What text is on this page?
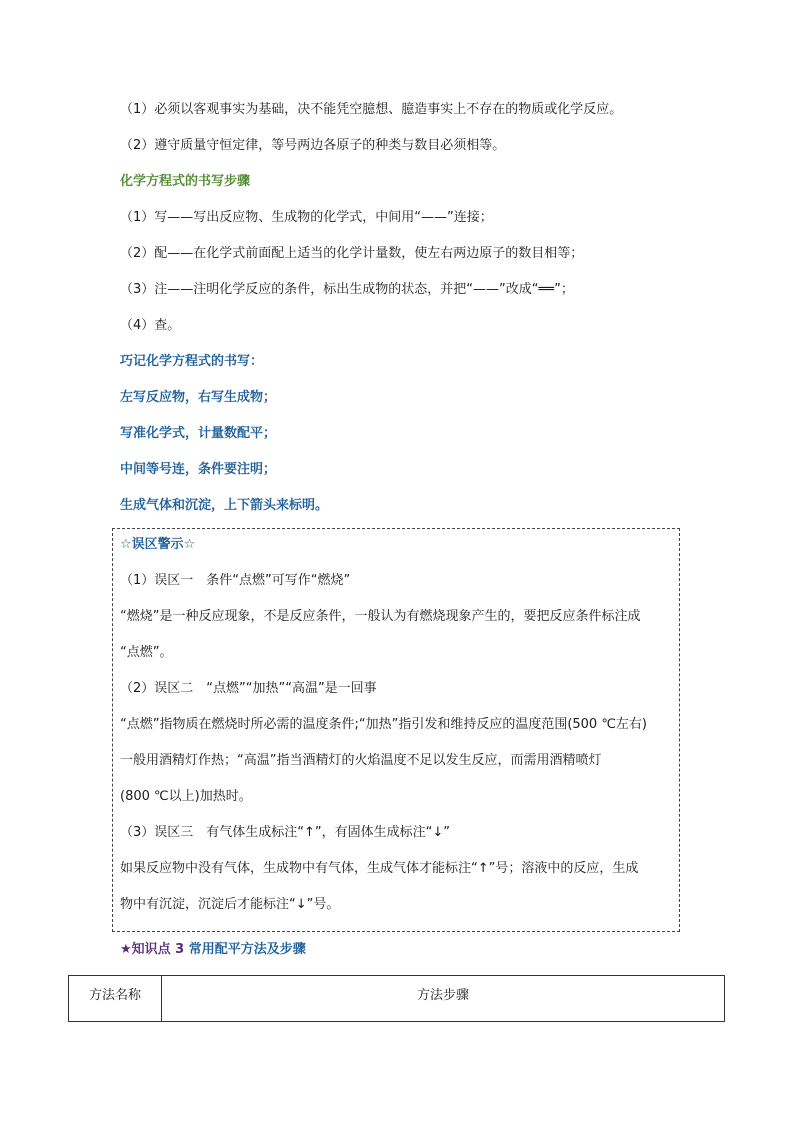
（1）必须以客观事实为基础，决不能凭空臆想、臆造事实上不存在的物质或化学反应。
（2）遵守质量守恒定律，等号两边各原子的种类与数目必须相等。
化学方程式的书写步骤
（1）写——写出反应物、生成物的化学式，中间用“——”连接；
（2）配——在化学式前面配上适当的化学计量数，使左右两边原子的数目相等；
（3）注——注明化学反应的条件，标出生成物的状态，并把“——”改成“══”；
（4）查。
巧记化学方程式的书写：
左写反应物，右写生成物；
写准化学式，计量数配平；
中间等号连，条件要注明；
生成气体和沉淀，上下箭头来标明。
☆误区警示☆
（1）误区一　条件“点燃”可写作“燃烧”
“燃烧”是一种反应现象，不是反应条件，一般认为有燃烧现象产生的，要把反应条件标注成
“点燃”。
（2）误区二　“点燃”“加热”“高温”是一回事
“点燃”指物质在燃烧时所必需的温度条件;“加热”指引发和维持反应的温度范围(500 ℃左右)
一般用酒精灯作热；“高温”指当酒精灯的火焰温度不足以发生反应，而需用酒精喷灯
(800 ℃以上)加热时。
（3）误区三　有气体生成标注“↑”，有固体生成标注“↓”
如果反应物中没有气体，生成物中有气体，生成气体才能标注“↑”号；溶液中的反应，生成
物中有沉淀，沉淀后才能标注“↓”号。
★知识点 3 常用配平方法及步骤
方法名称	方法步骤
